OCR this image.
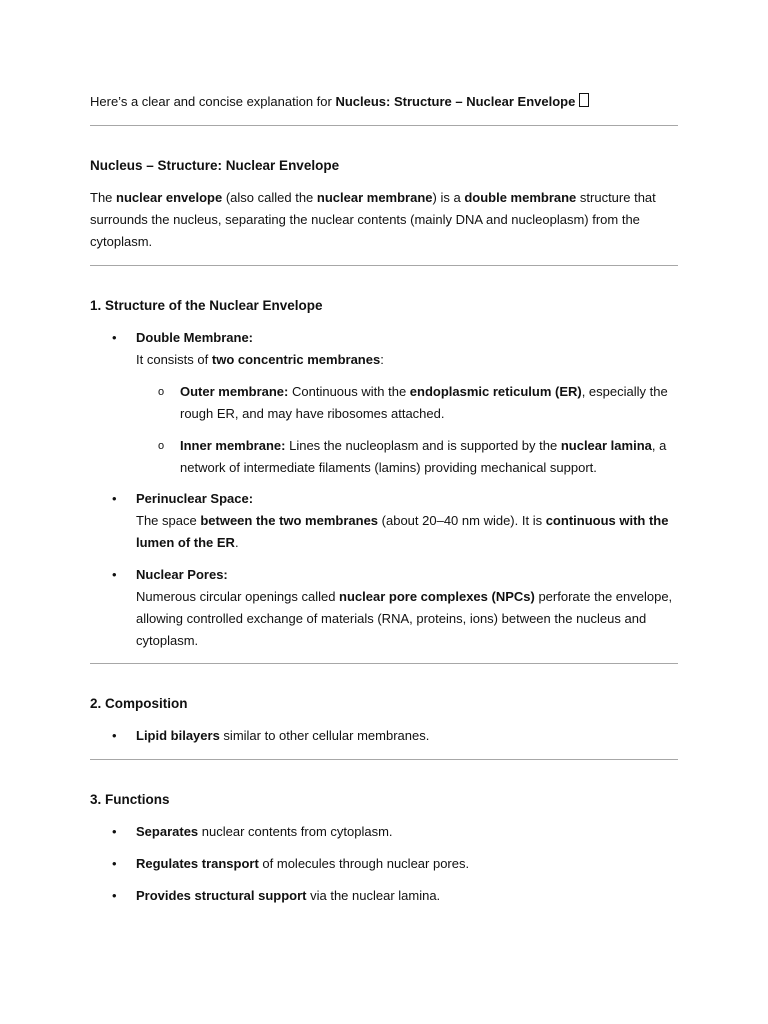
Here’s a clear and concise explanation for Nucleus: Structure – Nuclear Envelope
Nucleus – Structure: Nuclear Envelope
The nuclear envelope (also called the nuclear membrane) is a double membrane structure that surrounds the nucleus, separating the nuclear contents (mainly DNA and nucleoplasm) from the cytoplasm.
1. Structure of the Nuclear Envelope
• Double Membrane:
It consists of two concentric membranes:
o Outer membrane: Continuous with the endoplasmic reticulum (ER), especially the rough ER, and may have ribosomes attached.
o Inner membrane: Lines the nucleoplasm and is supported by the nuclear lamina, a network of intermediate filaments (lamins) providing mechanical support.
• Perinuclear Space:
The space between the two membranes (about 20–40 nm wide). It is continuous with the lumen of the ER.
• Nuclear Pores:
Numerous circular openings called nuclear pore complexes (NPCs) perforate the envelope, allowing controlled exchange of materials (RNA, proteins, ions) between the nucleus and cytoplasm.
2. Composition
• Lipid bilayers similar to other cellular membranes.
3. Functions
• Separates nuclear contents from cytoplasm.
• Regulates transport of molecules through nuclear pores.
• Provides structural support via the nuclear lamina.
